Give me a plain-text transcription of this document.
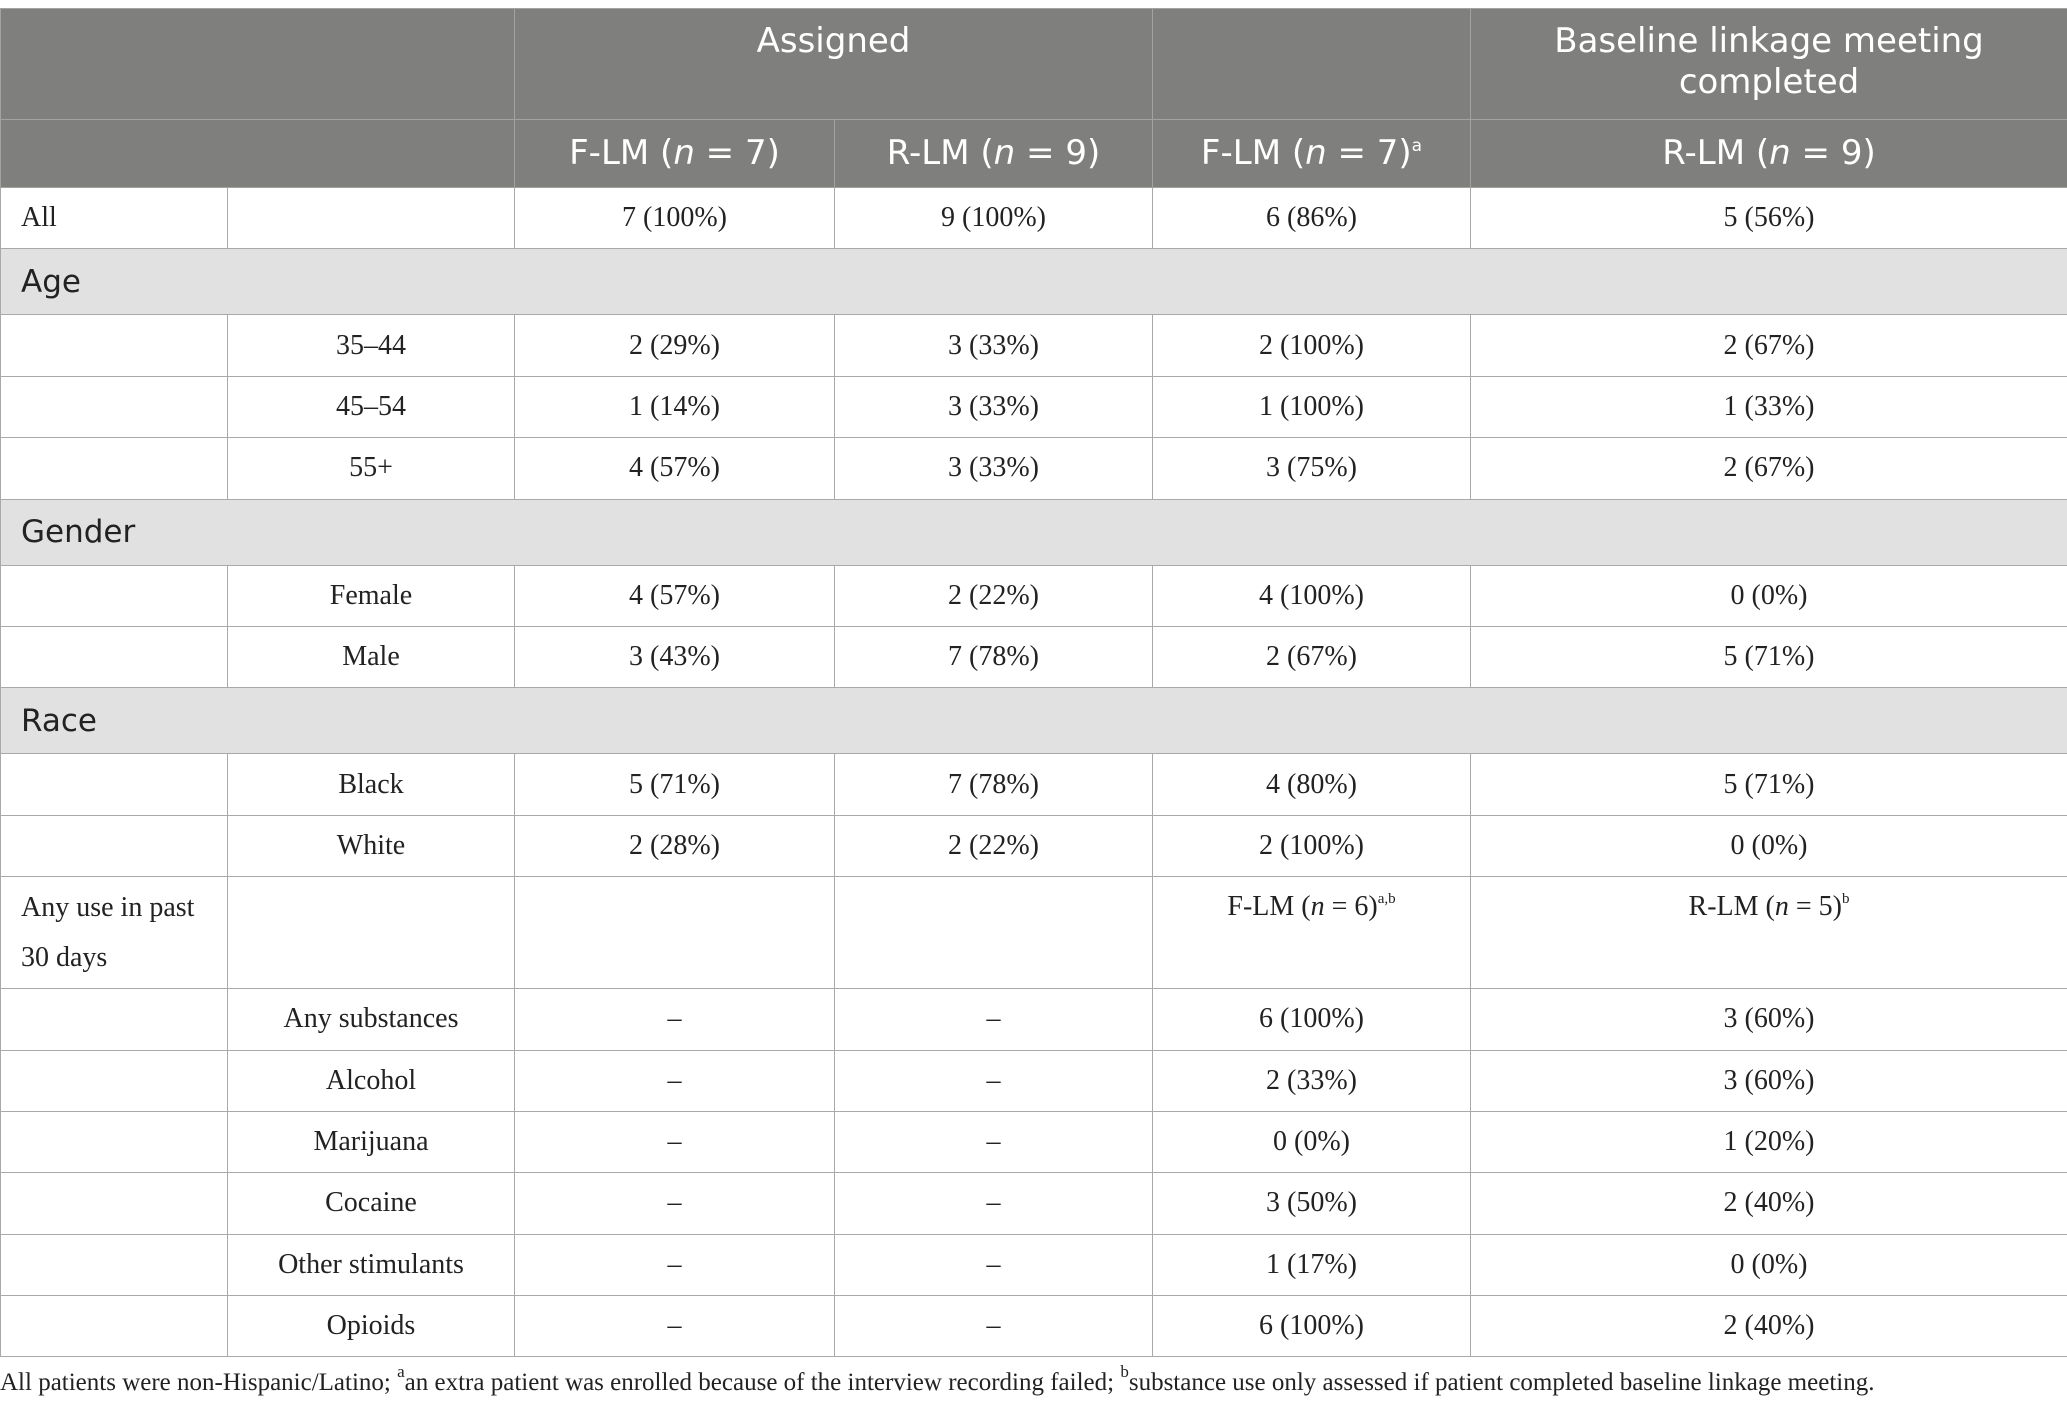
		Assigned			Baseline linkage meeting completed
		F-LM (n = 7)	R-LM (n = 9)	F-LM (n = 7)$^a$	R-LM (n = 9)
All		7 (100%)	9 (100%)	6 (86%)	5 (56%)
Age					
	35–44	2 (29%)	3 (33%)	2 (100%)	2 (67%)
	45–54	1 (14%)	3 (33%)	1 (100%)	1 (33%)
	55+	4 (57%)	3 (33%)	3 (75%)	2 (67%)
Gender					
	Female	4 (57%)	2 (22%)	4 (100%)	0 (0%)
	Male	3 (43%)	7 (78%)	2 (67%)	5 (71%)
Race					
	Black	5 (71%)	7 (78%)	4 (80%)	5 (71%)
	White	2 (28%)	2 (22%)	2 (100%)	0 (0%)
Any use in past
30 days				F-LM (n = 6)$^{a,b}$	R-LM (n = 5)$^b$
	Any substances	–	–	6 (100%)	3 (60%)
	Alcohol	–	–	2 (33%)	3 (60%)
	Marijuana	–	–	0 (0%)	1 (20%)
	Cocaine	–	–	3 (50%)	2 (40%)
	Other stimulants	–	–	1 (17%)	0 (0%)
	Opioids	–	–	6 (100%)	2 (40%)
All patients were non-Hispanic/Latino; $^a$an extra patient was enrolled because of the interview recording failed; $^b$substance use only assessed if patient completed baseline linkage meeting.
